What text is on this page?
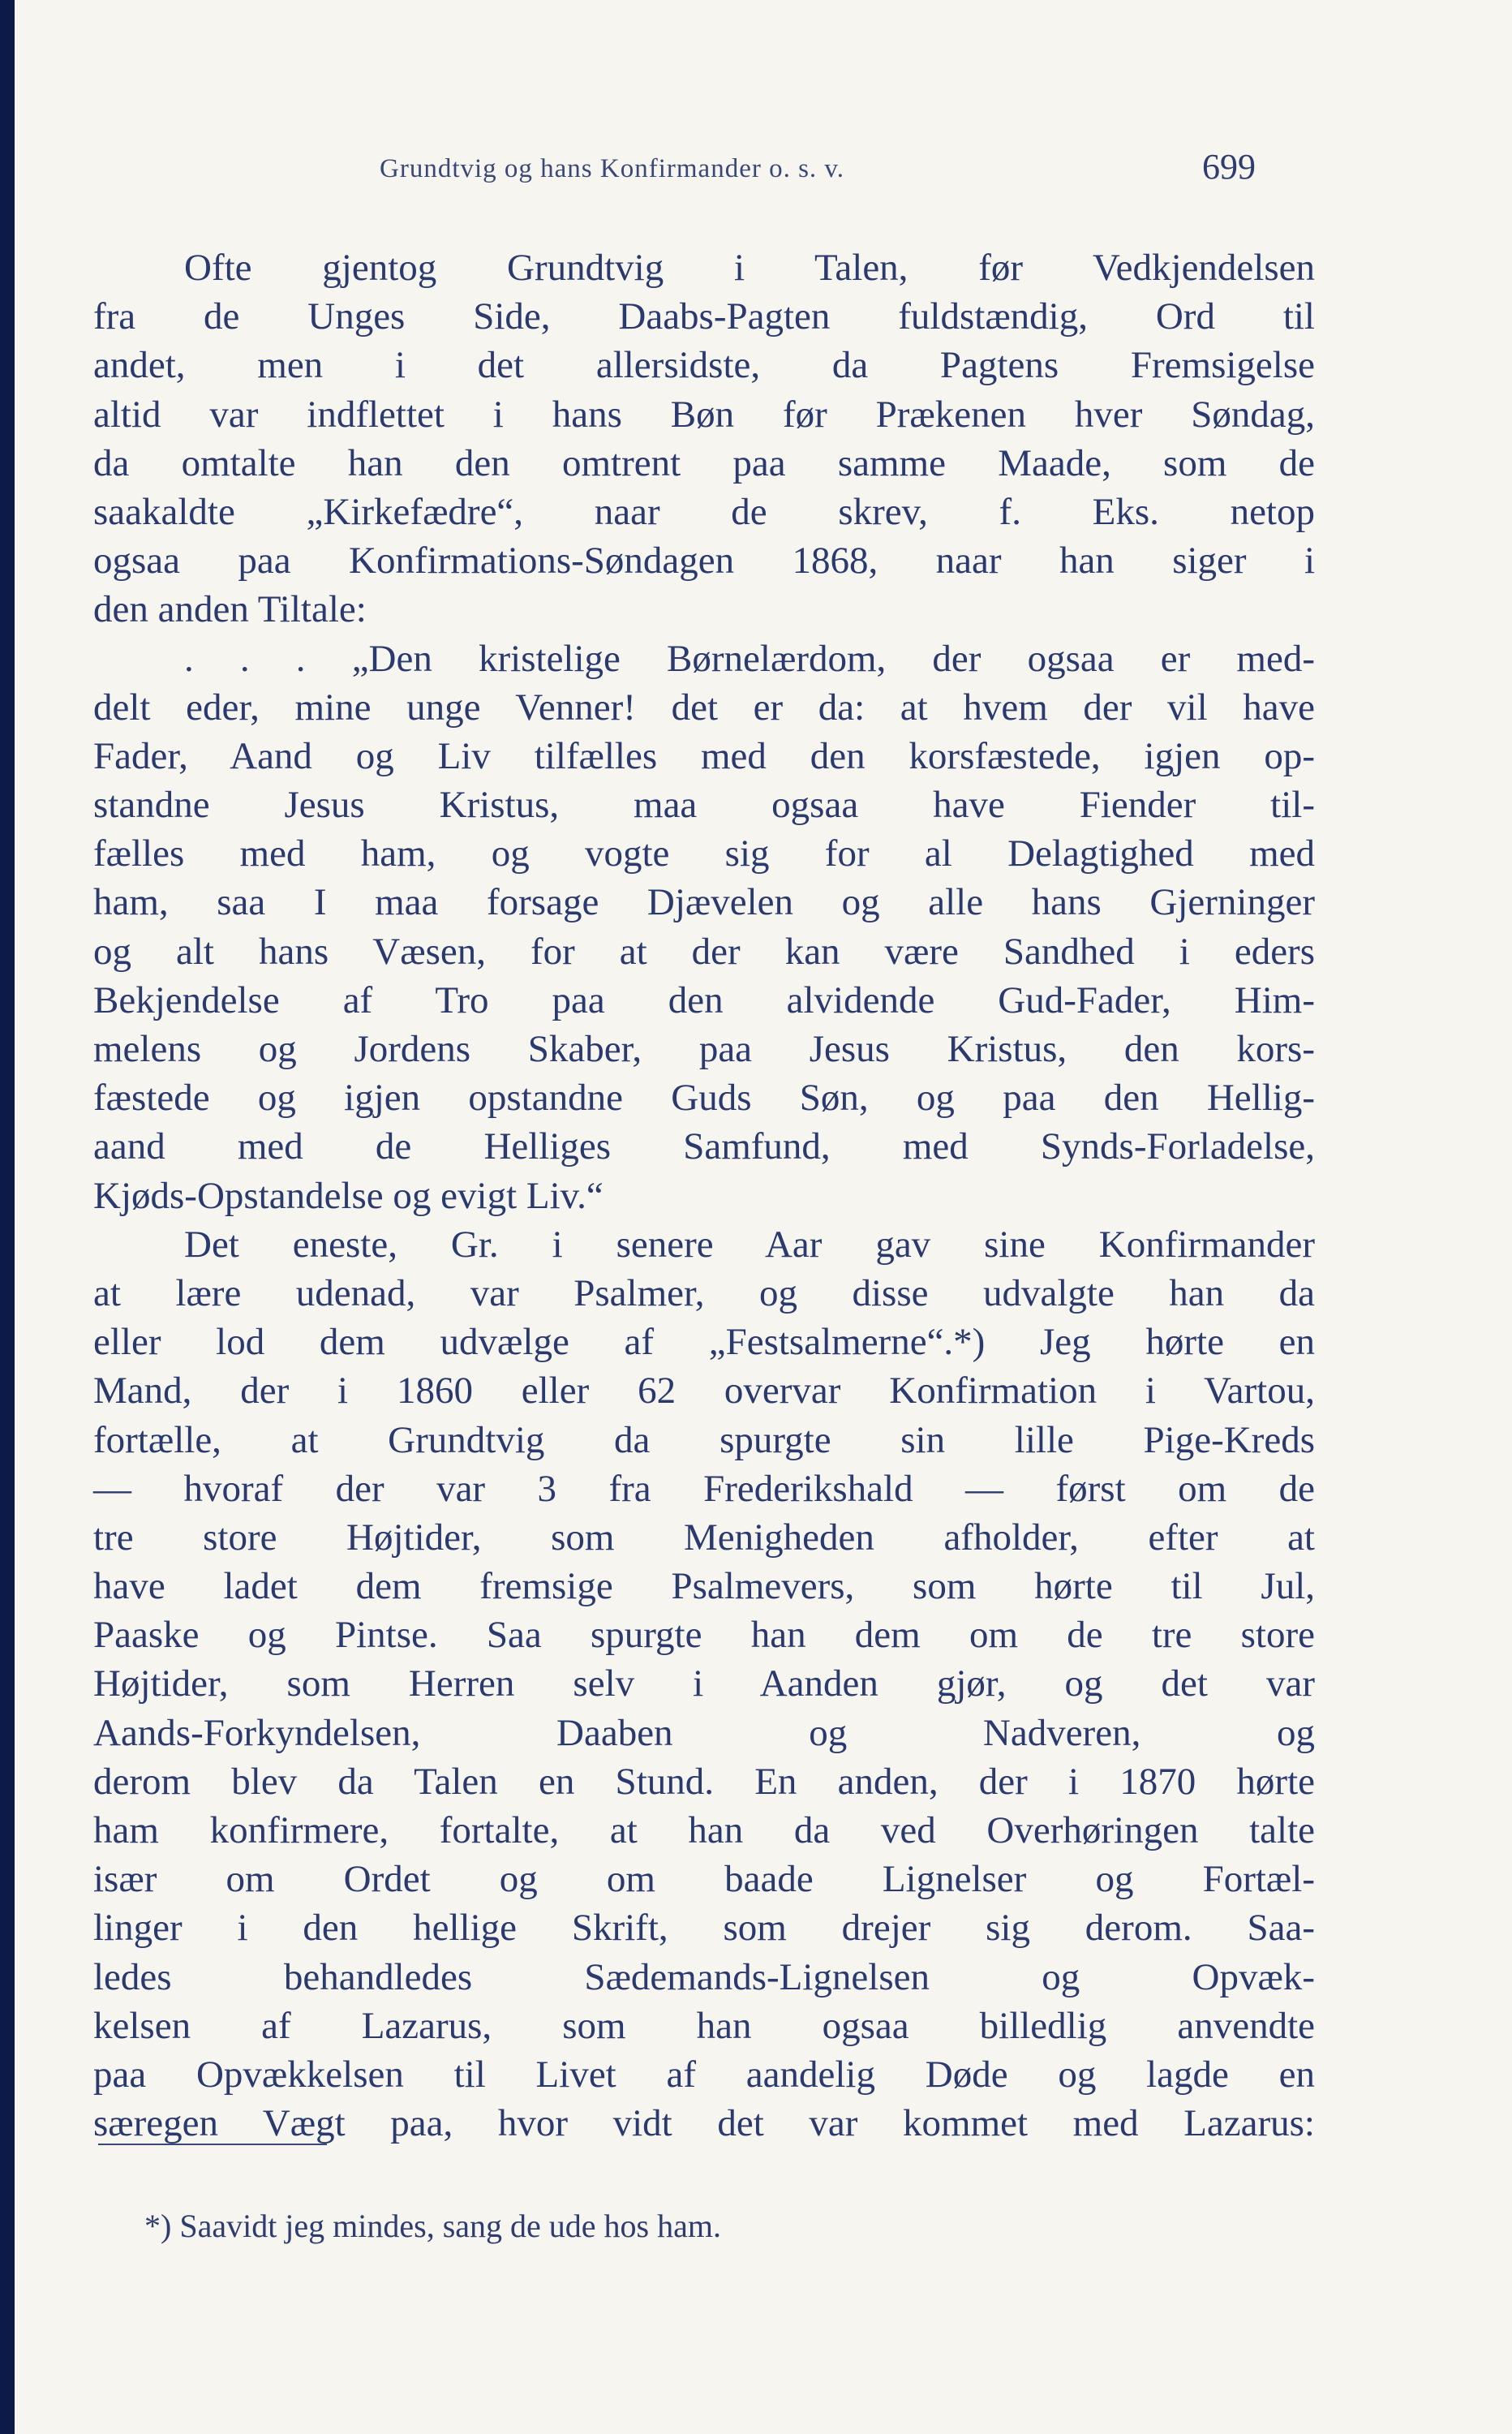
Grundtvig og hans Konfirmander o. s. v.	699
Ofte gjentog Grundtvig i Talen, før Vedkjendelsen
fra de Unges Side, Daabs-Pagten fuldstændig, Ord til
andet, men i det allersidste, da Pagtens Fremsigelse
altid var indflettet i hans Bøn før Prækenen hver Søndag,
da omtalte han den omtrent paa samme Maade, som de
saakaldte „Kirkefædre“, naar de skrev, f. Eks. netop
ogsaa paa Konfirmations-Søndagen 1868, naar han siger i
den anden Tiltale:
. . . „Den kristelige Børnelærdom, der ogsaa er med-
delt eder, mine unge Venner! det er da: at hvem der vil have
Fader, Aand og Liv tilfælles med den korsfæstede, igjen op-
standne Jesus Kristus, maa ogsaa have Fiender til-
fælles med ham, og vogte sig for al Delagtighed med
ham, saa I maa forsage Djævelen og alle hans Gjerninger
og alt hans Væsen, for at der kan være Sandhed i eders
Bekjendelse af Tro paa den alvidende Gud-Fader, Him-
melens og Jordens Skaber, paa Jesus Kristus, den kors-
fæstede og igjen opstandne Guds Søn, og paa den Hellig-
aand med de Helliges Samfund, med Synds-Forladelse,
Kjøds-Opstandelse og evigt Liv.“
Det eneste, Gr. i senere Aar gav sine Konfirmander
at lære udenad, var Psalmer, og disse udvalgte han da
eller lod dem udvælge af „Festsalmerne“.*) Jeg hørte en
Mand, der i 1860 eller 62 overvar Konfirmation i Vartou,
fortælle, at Grundtvig da spurgte sin lille Pige-Kreds
— hvoraf der var 3 fra Frederikshald — først om de
tre store Højtider, som Menigheden afholder, efter at
have ladet dem fremsige Psalmevers, som hørte til Jul,
Paaske og Pintse. Saa spurgte han dem om de tre store
Højtider, som Herren selv i Aanden gjør, og det var
Aands-Forkyndelsen, Daaben og Nadveren, og
derom blev da Talen en Stund. En anden, der i 1870 hørte
ham konfirmere, fortalte, at han da ved Overhøringen talte
især om Ordet og om baade Lignelser og Fortæl-
linger i den hellige Skrift, som drejer sig derom. Saa-
ledes behandledes Sædemands-Lignelsen og Opvæk-
kelsen af Lazarus, som han ogsaa billedlig anvendte
paa Opvækkelsen til Livet af aandelig Døde og lagde en
særegen Vægt paa, hvor vidt det var kommet med Lazarus:
*) Saavidt jeg mindes, sang de ude hos ham.
